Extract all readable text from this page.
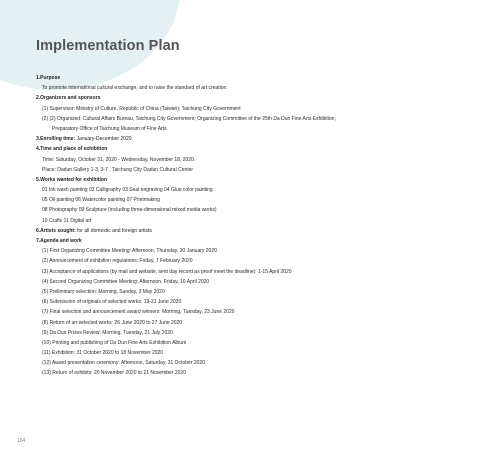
Implementation Plan
1.Purpose
To promote international cultural exchange, and to raise the standard of art creation.
2.Organizers and sponsors
(1) Supervisor: Ministry of Culture, Republic of China (Taiwan); Taichung City Government
(2) (2) Organized: Cultural Affairs Bureau, Taichung City Government; Organizing Committee of the 25th Da Dun Fine Arts Exhibition;
Preparatory Office of Taichung Museum of Fine Arts
3.Enrolling time: January-December 2020
4.Time and place of exhibition
Time: Saturday, October 31, 2020 - Wednesday, November 18, 2020.
Place: Dadun Gallery 1-3, 3-7 , Taichung City Dadun Cultural Center
5.Works wanted for exhibition
01 Ink wash painting 02 Calligraphy 03 Seal engraving 04 Glue color painting
05 Oil painting 06 Watercolor painting 07 Printmaking
08 Photography 09 Sculpture (including three-dimensional mixed media works)
10 Crafts 11 Digital art
6.Artists sought: for all domestic and foreign artists
7.Agenda and work
(1) First Organizing Committee Meeting: Afternoon, Thursday, 30 January 2020
(2) Announcement of exhibition regulations: Friday, 7 February 2020
(3) Acceptance of applications (by mail and website, sent day record as proof meet the deadline): 1-15 April 2020
(4) Second Organizing Committee Meeting: Afternoon, Friday, 10 April 2020
(5) Preliminary selection: Morning, Sunday, 3 May 2020
(6) Submission of originals of selected works: 19-21 June 2020
(7) Final selection and announcement award winners: Morning, Tuesday, 23 June 2020
(8) Return of un-selected works: 26 June 2020 to 27 June 2020
(9) Da Dun Prizes Review: Morning, Tuesday, 21 July 2020
(10) Printing and publishing of Da Dun Fine Arts Exhibition Album
(11) Exhibition: 31 October 2020 to 18 November 2020
(12) Award presentation ceremony: Afternoon, Saturday, 31 October 2020
(13) Return of exhibits: 20 November 2020 to 21 November 2020
164
